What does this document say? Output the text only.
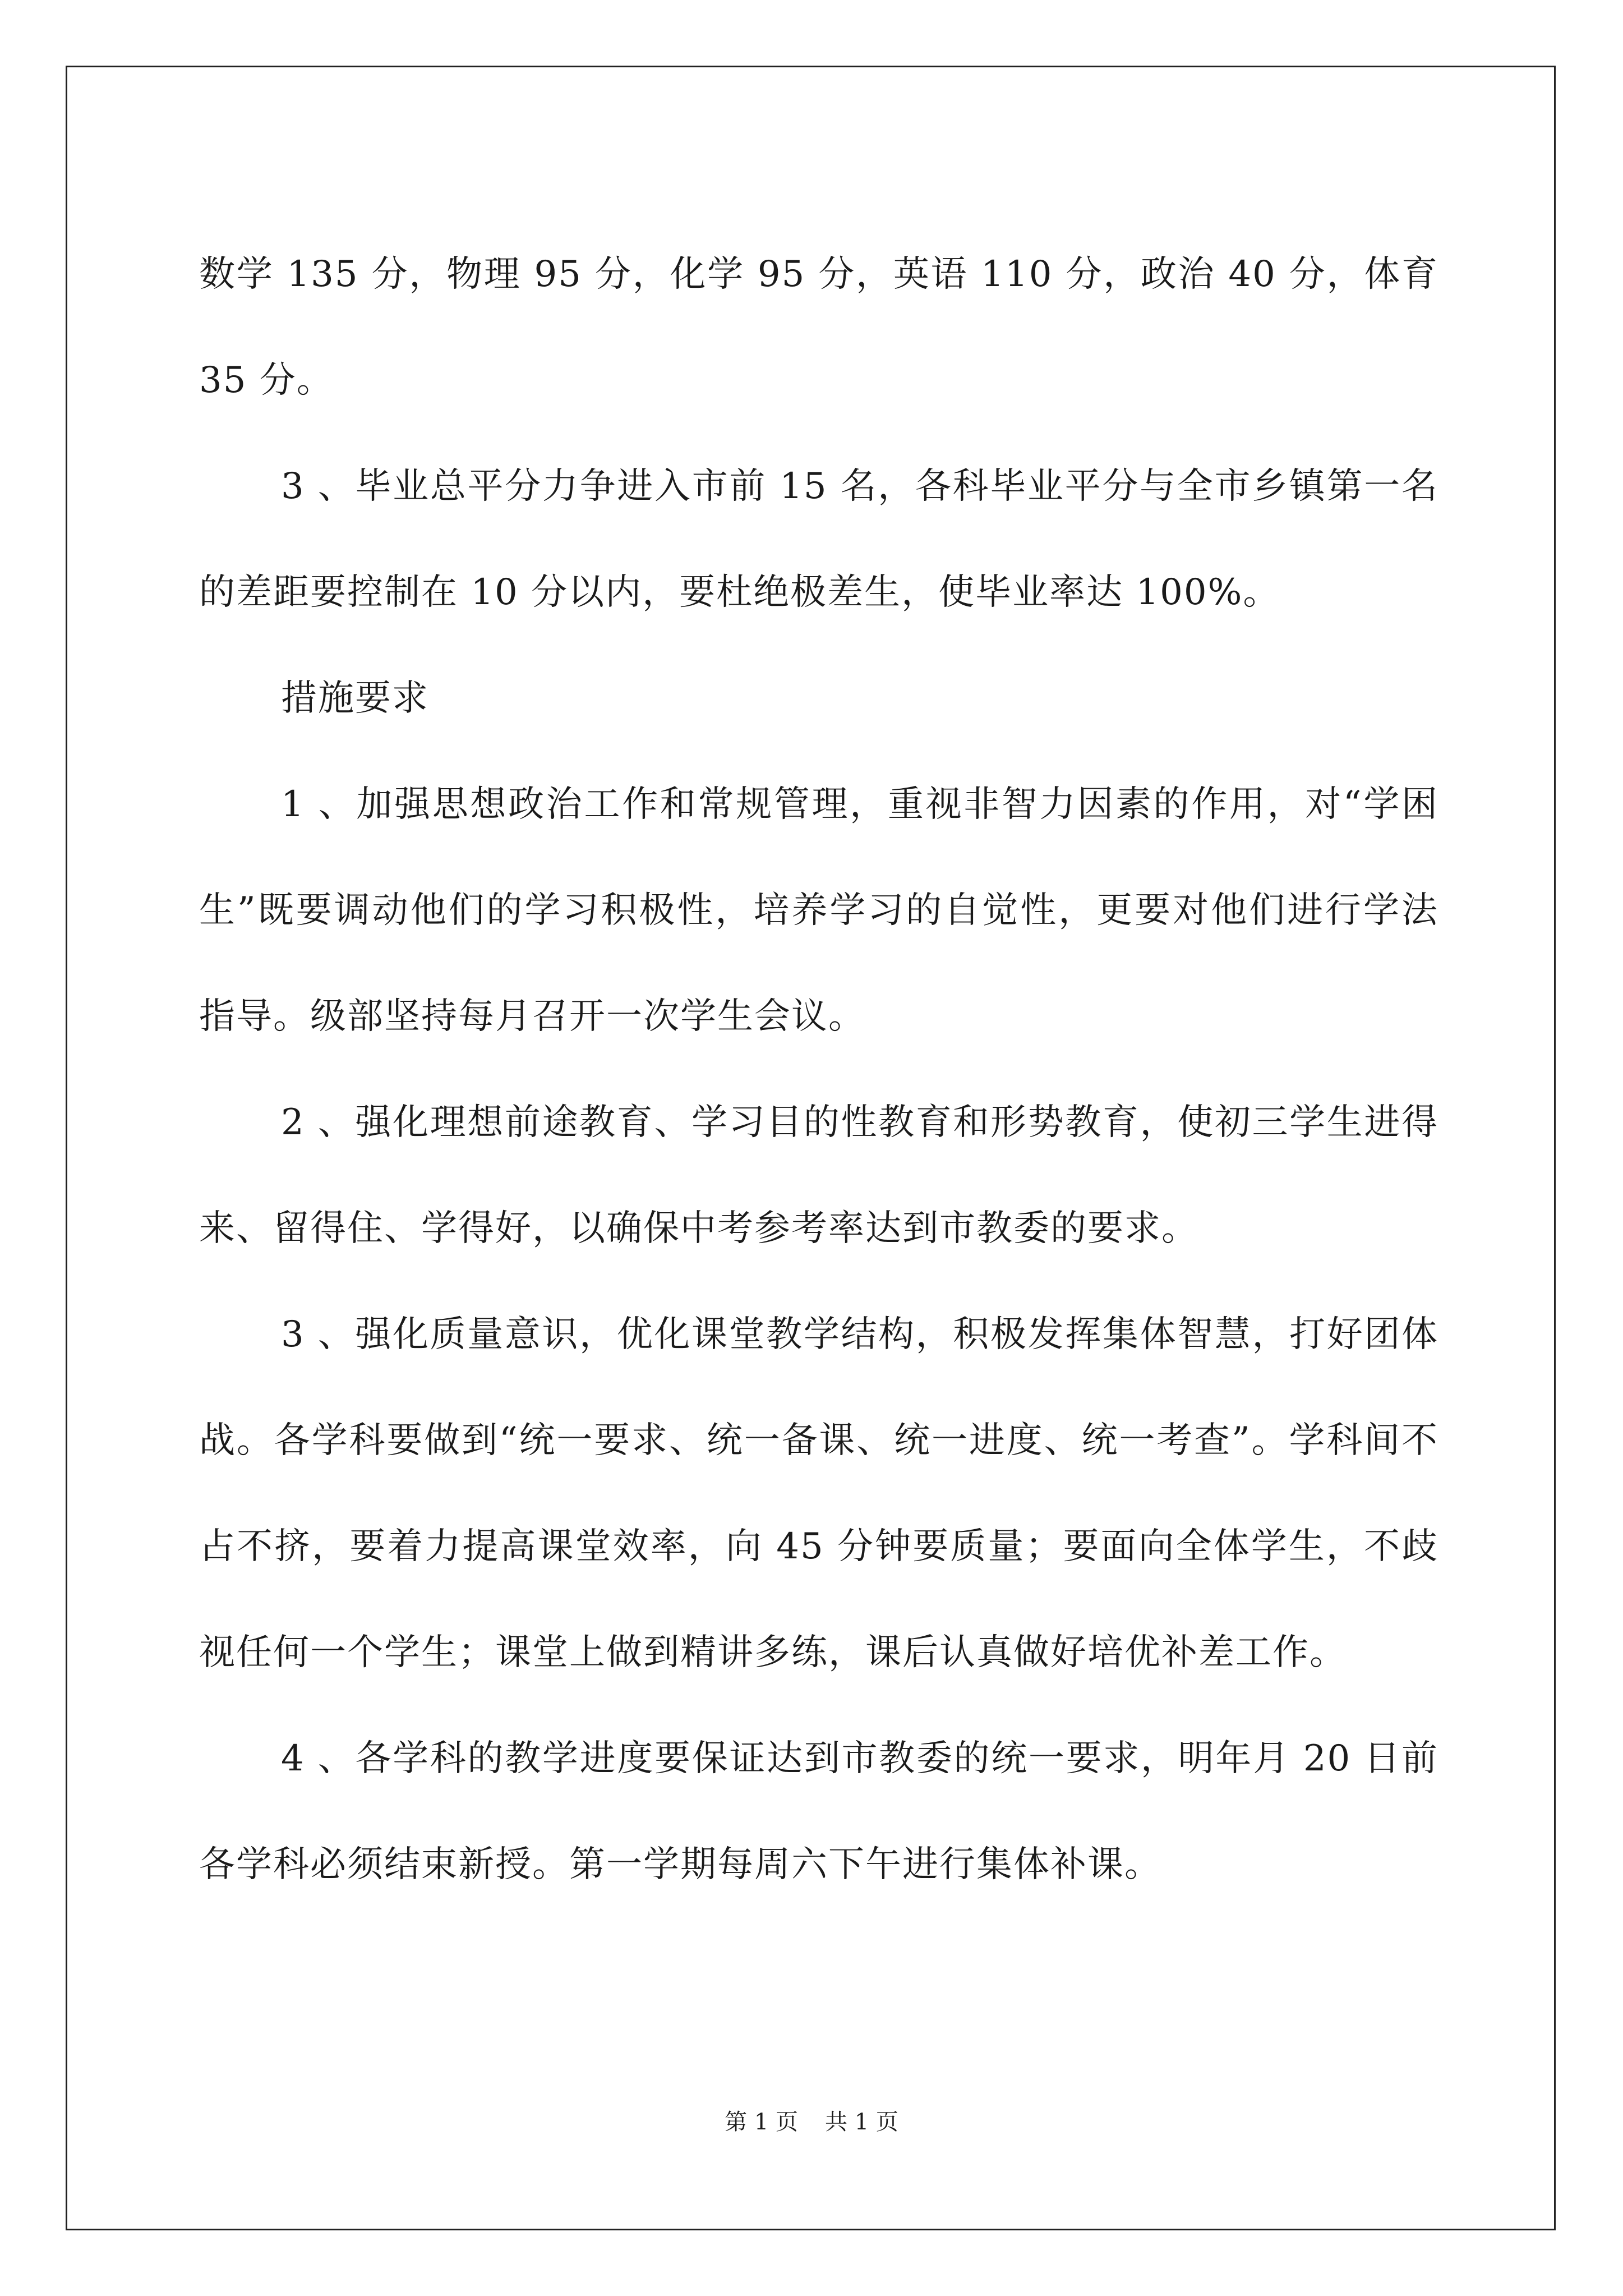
数学 135 分，物理 95 分，化学 95 分，英语 110 分，政治 40 分，体育 35 分。

3 、毕业总平分力争进入市前 15 名，各科毕业平分与全市乡镇第一名的差距要控制在 10 分以内，要杜绝极差生，使毕业率达 100%。

措施要求

1 、加强思想政治工作和常规管理，重视非智力因素的作用，对“学困生”既要调动他们的学习积极性，培养学习的自觉性，更要对他们进行学法指导。级部坚持每月召开一次学生会议。

2 、强化理想前途教育、学习目的性教育和形势教育，使初三学生进得来、留得住、学得好，以确保中考参考率达到市教委的要求。

3 、强化质量意识，优化课堂教学结构，积极发挥集体智慧，打好团体战。各学科要做到“统一要求、统一备课、统一进度、统一考查”。学科间不占不挤，要着力提高课堂效率，向 45 分钟要质量；要面向全体学生，不歧视任何一个学生；课堂上做到精讲多练，课后认真做好培优补差工作。

4 、各学科的教学进度要保证达到市教委的统一要求，明年月 20 日前各学科必须结束新授。第一学期每周六下午进行集体补课。

第 1 页 共 1 页
